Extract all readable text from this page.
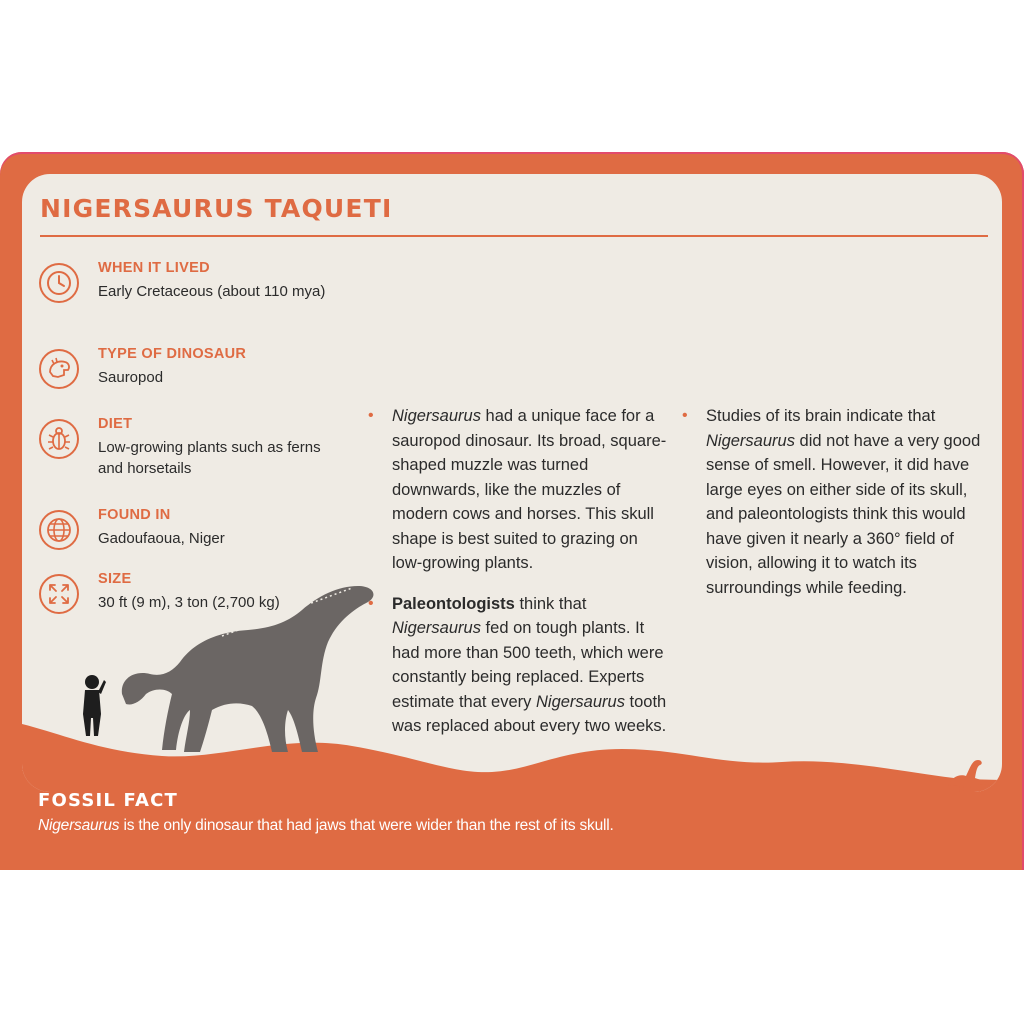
NIGERSAURUS TAQUETI
WHEN IT LIVED
Early Cretaceous (about 110 mya)
TYPE OF DINOSAUR
Sauropod
DIET
Low-growing plants such as ferns and horsetails
FOUND IN
Gadoufaoua, Niger
SIZE
30 ft (9 m), 3 ton (2,700 kg)

• Nigersaurus had a unique face for a sauropod dinosaur. Its broad, square-shaped muzzle was turned downwards, like the muzzles of modern cows and horses. This skull shape is best suited to grazing on low-growing plants.

• Paleontologists think that Nigersaurus fed on tough plants. It had more than 500 teeth, which were constantly being replaced. Experts estimate that every Nigersaurus tooth was replaced about every two weeks.

• Studies of its brain indicate that Nigersaurus did not have a very good sense of smell. However, it did have large eyes on either side of its skull, and paleontologists think this would have given it nearly a 360° field of vision, allowing it to watch its surroundings while feeding.

FOSSIL FACT

Nigersaurus is the only dinosaur that had jaws that were wider than the rest of its skull.
